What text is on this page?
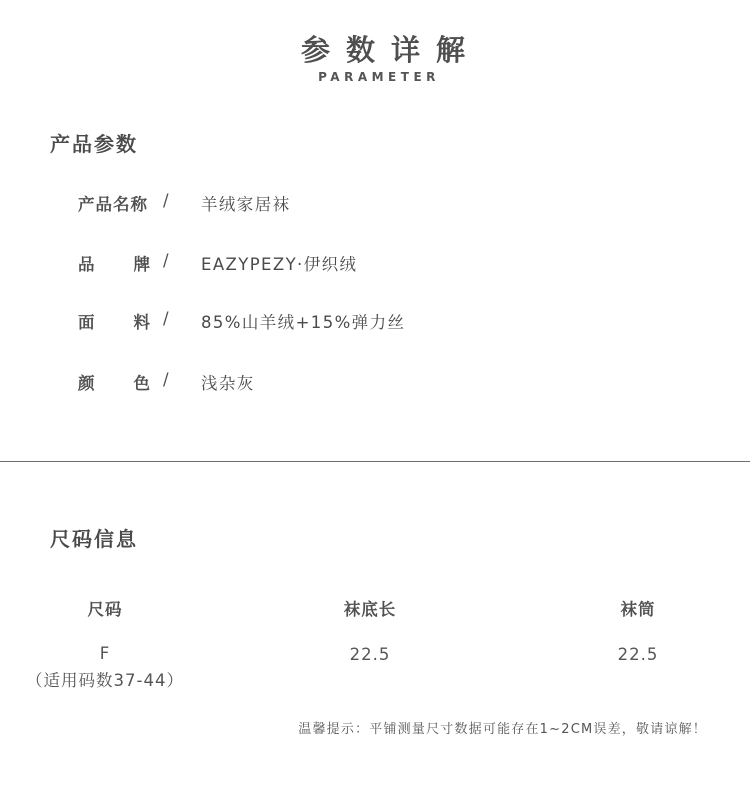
参数详解
PARAMETER
产品参数
产品名称 / 羊绒家居袜
品 牌 / EAZYPEZY·伊织绒
面 料 / 85%山羊绒+15%弹力丝
颜 色 / 浅杂灰
尺码信息
尺码	袜底长	袜筒
F
（适用码数37-44）
22.5	22.5
温馨提示：平铺测量尺寸数据可能存在1~2CM误差，敬请谅解！
